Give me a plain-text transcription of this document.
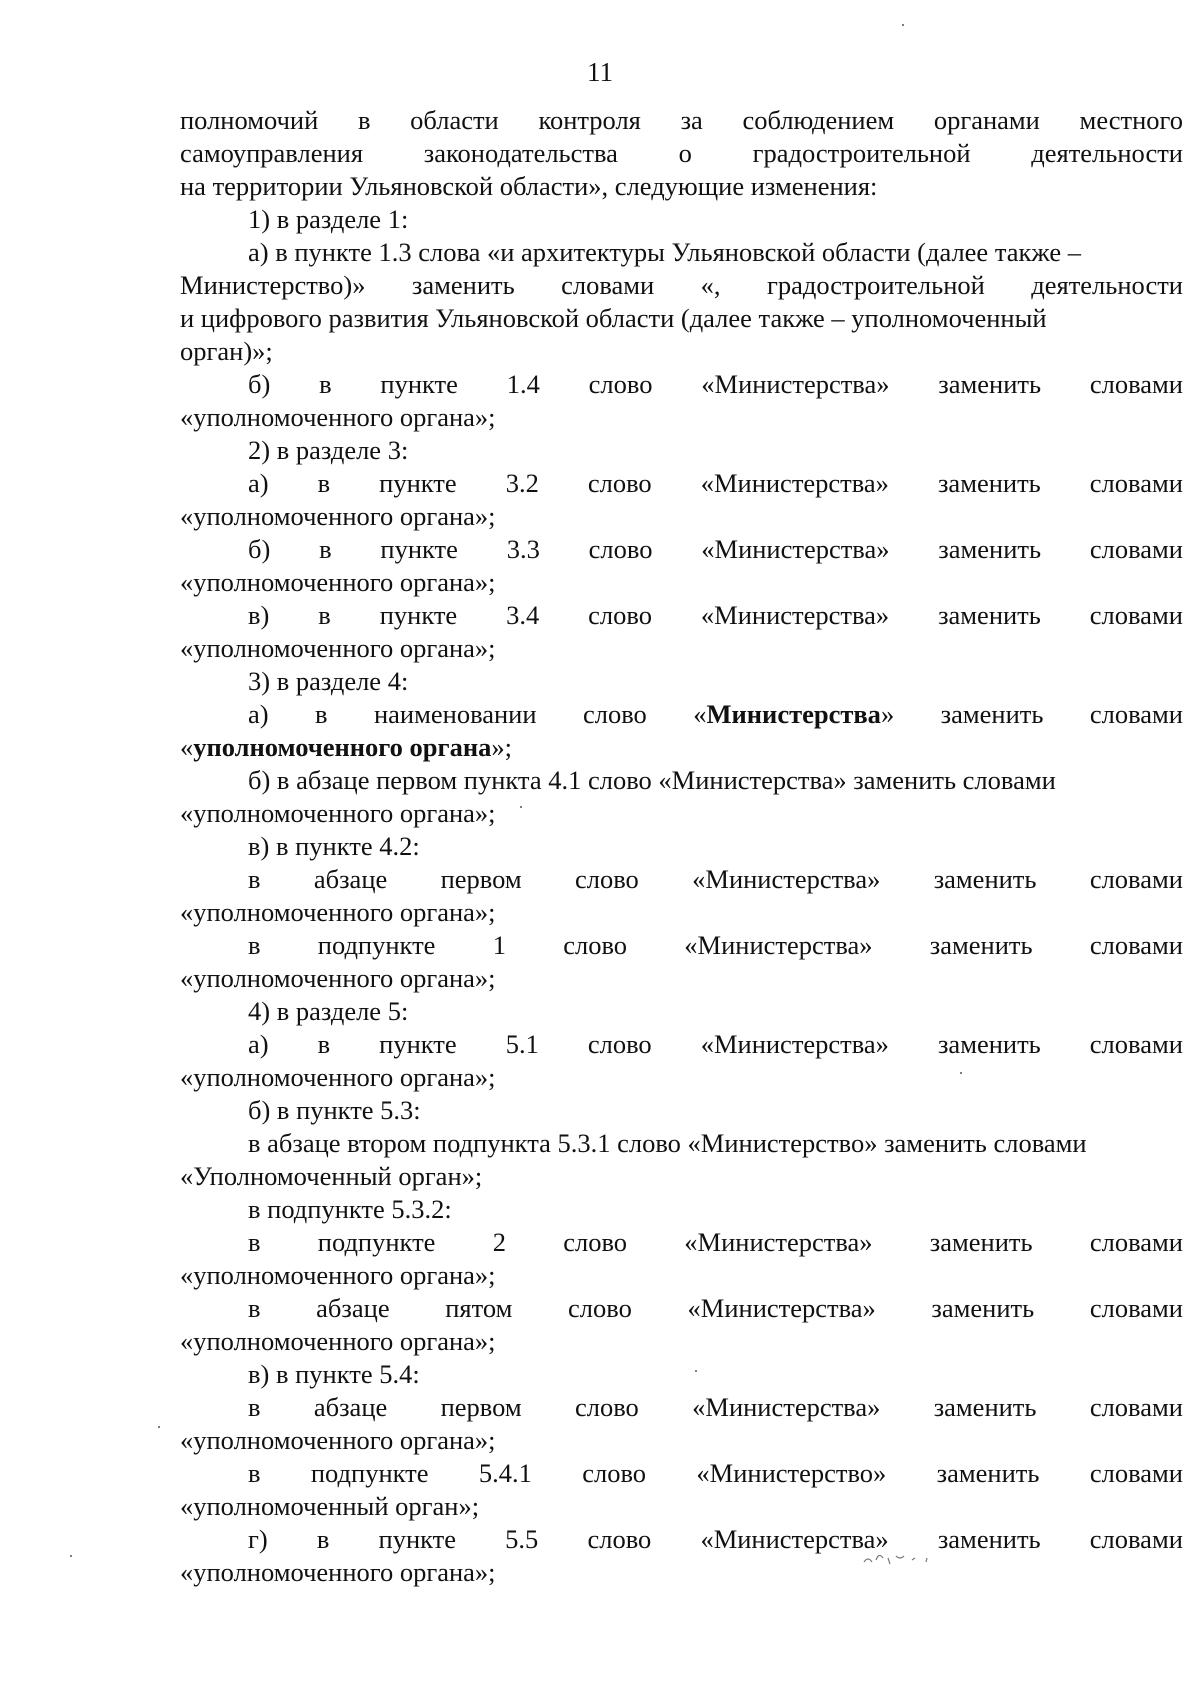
11
полномочий в области контроля за соблюдением органами местного
самоуправления законодательства о градостроительной деятельности
на территории Ульяновской области», следующие изменения:
1) в разделе 1:
а) в пункте 1.3 слова «и архитектуры Ульяновской области (далее также –
Министерство)» заменить словами «, градостроительной деятельности
и цифрового развития Ульяновской области (далее также – уполномоченный
орган)»;
б) в пункте 1.4 слово «Министерства» заменить словами
«уполномоченного органа»;
2) в разделе 3:
а) в пункте 3.2 слово «Министерства» заменить словами
«уполномоченного органа»;
б) в пункте 3.3 слово «Министерства» заменить словами
«уполномоченного органа»;
в) в пункте 3.4 слово «Министерства» заменить словами
«уполномоченного органа»;
3) в разделе 4:
а) в наименовании слово «Министерства» заменить словами
«уполномоченного органа»;
б) в абзаце первом пункта 4.1 слово «Министерства» заменить словами
«уполномоченного органа»;
в) в пункте 4.2:
в абзаце первом слово «Министерства» заменить словами
«уполномоченного органа»;
в подпункте 1 слово «Министерства» заменить словами
«уполномоченного органа»;
4) в разделе 5:
а) в пункте 5.1 слово «Министерства» заменить словами
«уполномоченного органа»;
б) в пункте 5.3:
в абзаце втором подпункта 5.3.1 слово «Министерство» заменить словами
«Уполномоченный орган»;
в подпункте 5.3.2:
в подпункте 2 слово «Министерства» заменить словами
«уполномоченного органа»;
в абзаце пятом слово «Министерства» заменить словами
«уполномоченного органа»;
в) в пункте 5.4:
в абзаце первом слово «Министерства» заменить словами
«уполномоченного органа»;
в подпункте 5.4.1 слово «Министерство» заменить словами
«уполномоченный орган»;
г) в пункте 5.5 слово «Министерства» заменить словами
«уполномоченного органа»;
